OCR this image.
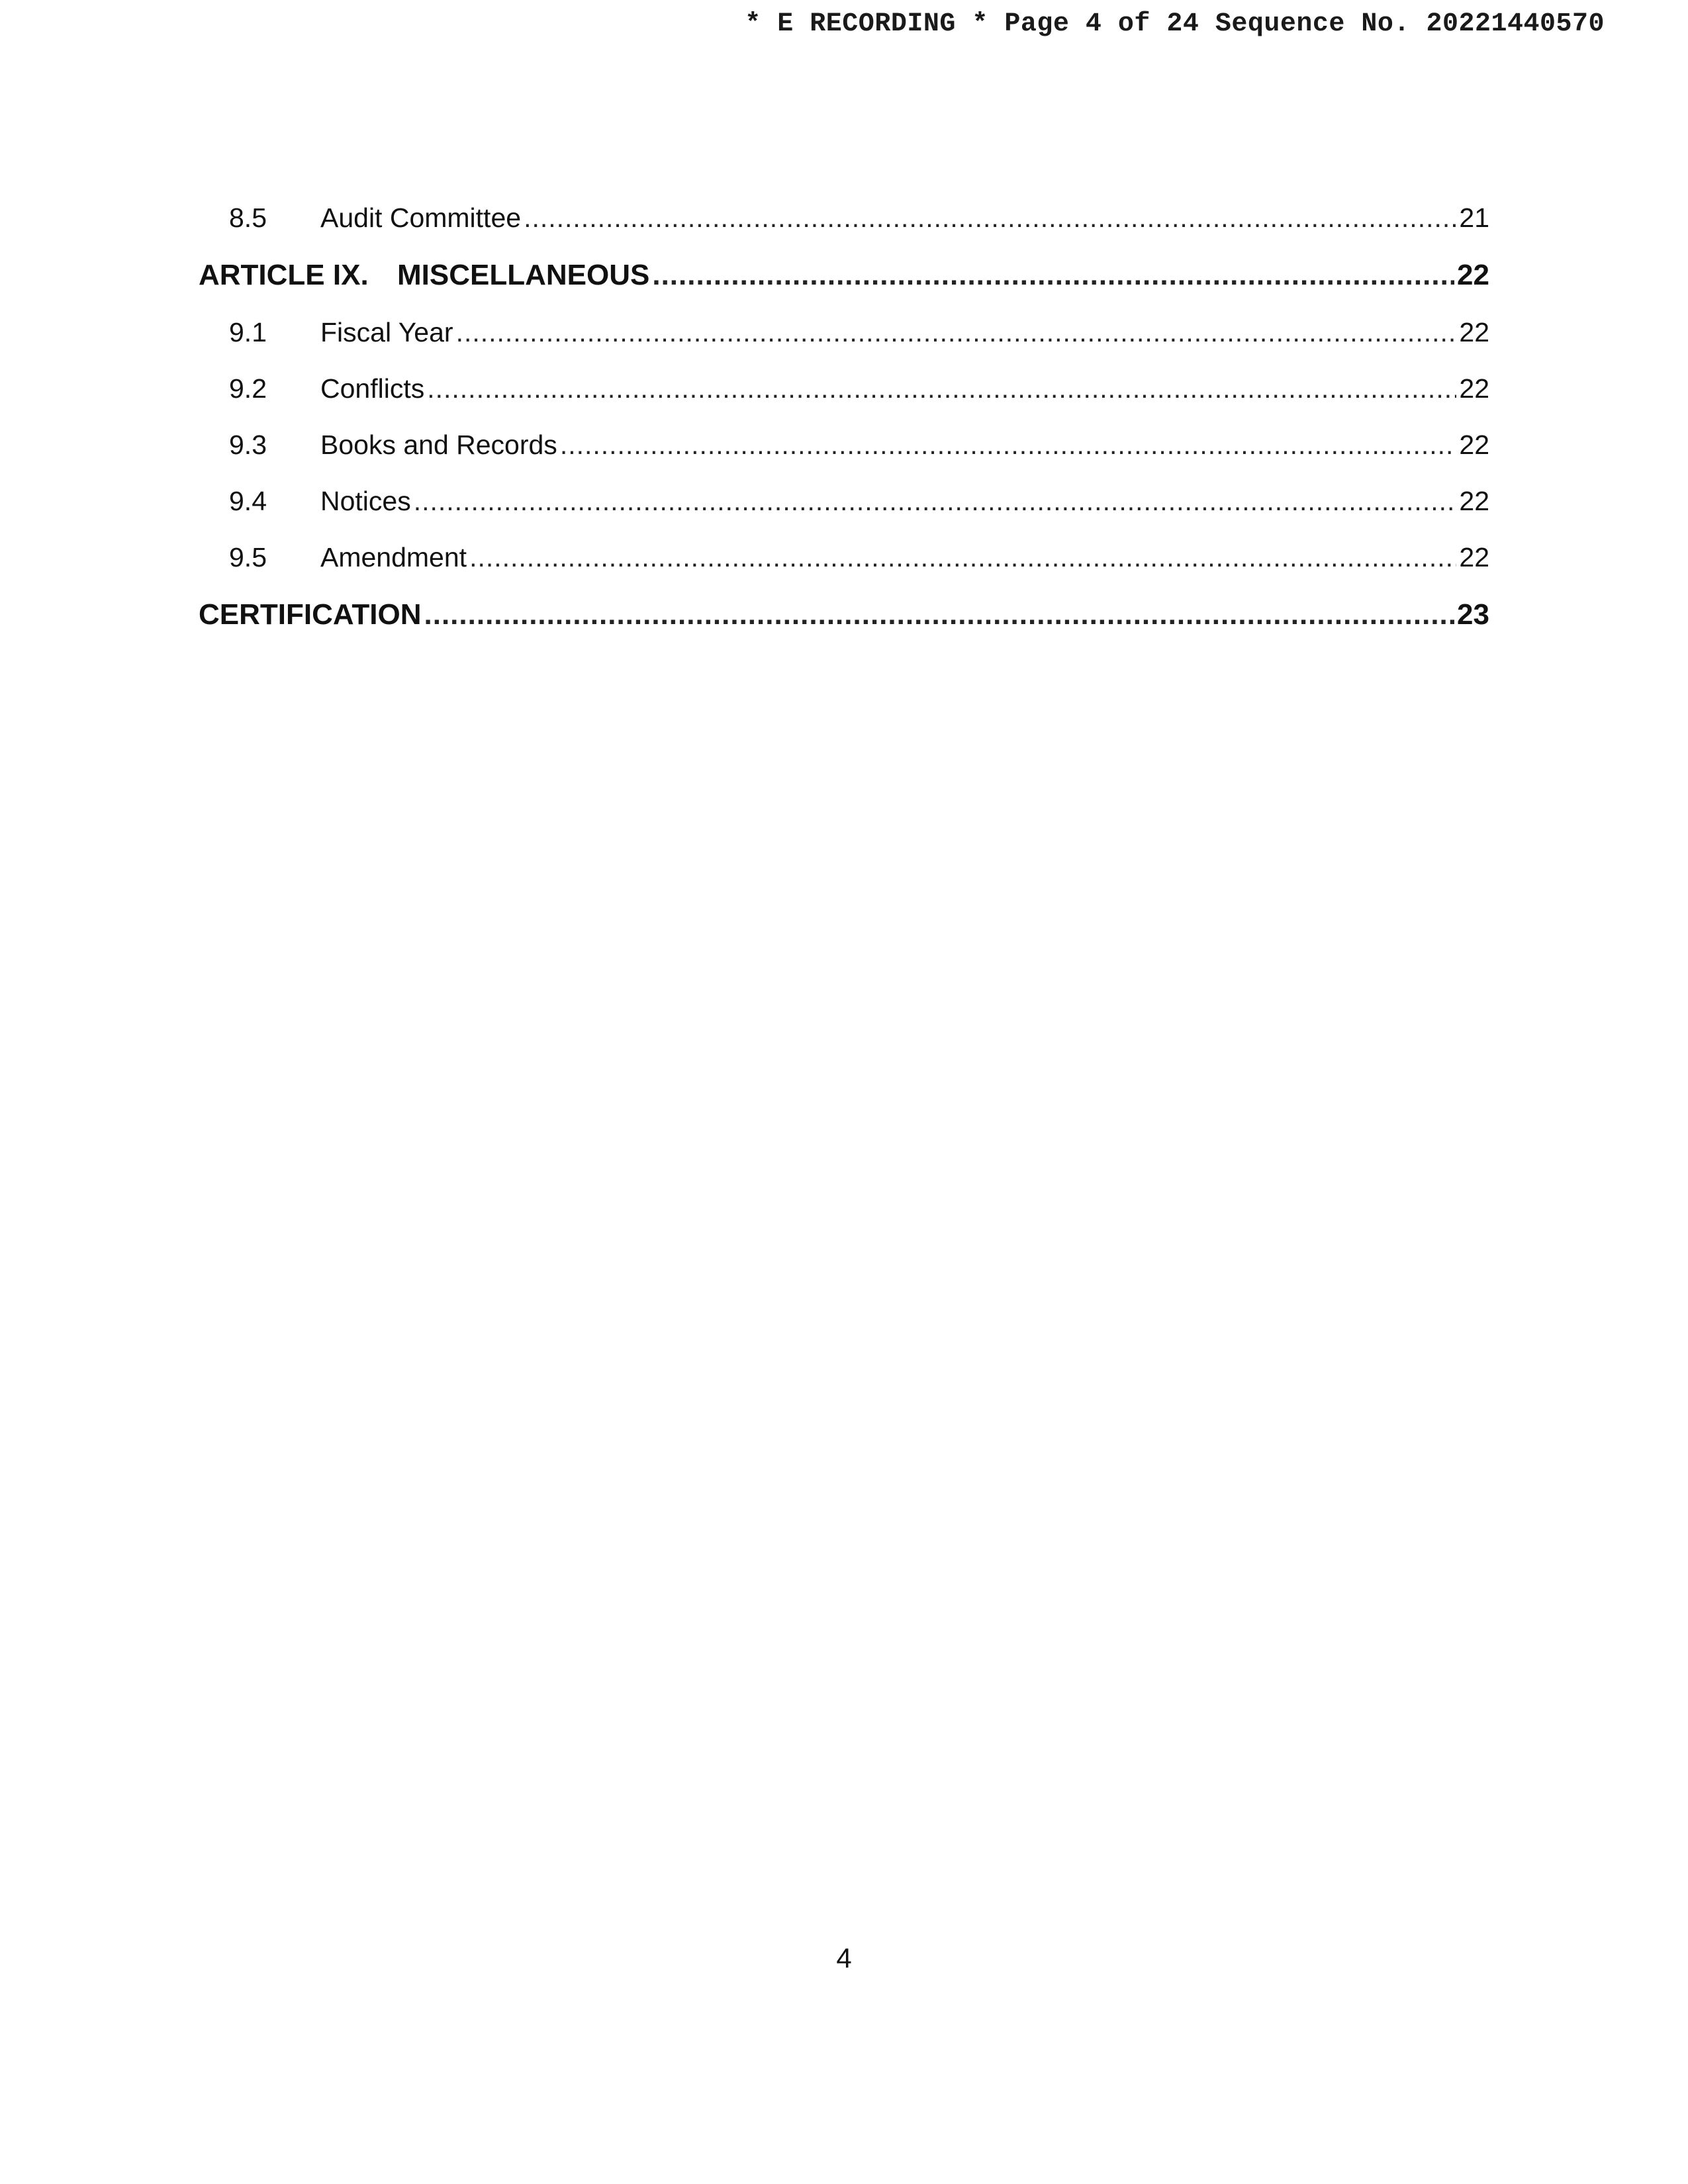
* E RECORDING * Page 4 of 24 Sequence No. 20221440570
8.5	Audit Committee .....	21
ARTICLE IX. MISCELLANEOUS .....	22
9.1	Fiscal Year .....	22
9.2	Conflicts .....	22
9.3	Books and Records .....	22
9.4	Notices .....	22
9.5	Amendment .....	22
CERTIFICATION .....	23
4
